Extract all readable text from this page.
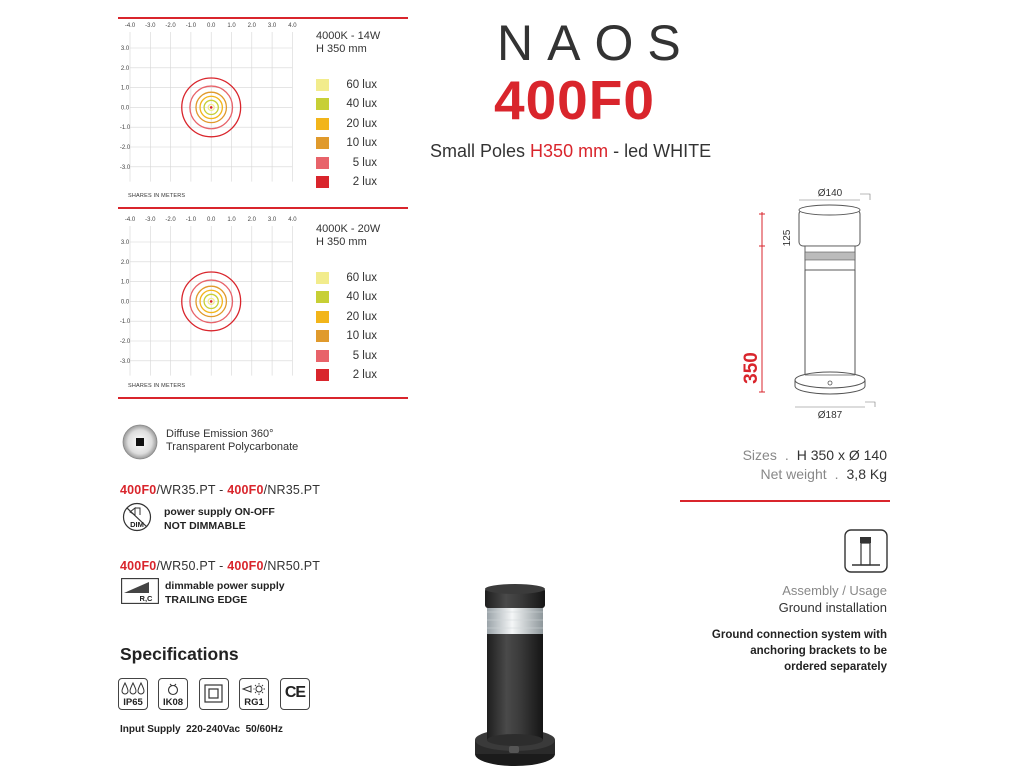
-4.0 -3.0 -2.0 -1.0 0.0 1.0 2.0 3.0 4.0
3.0
2.0
1.0
0.0
-1.0
-2.0
-3.0
SHARES IN METERS
4000K - 14W
H 350 mm
60 lux
40 lux
20 lux
10 lux
5 lux
2 lux
-4.0 -3.0 -2.0 -1.0 0.0 1.0 2.0 3.0 4.0
3.0
2.0
1.0
0.0
-1.0
-2.0
-3.0
SHARES IN METERS
4000K - 20W
H 350 mm
60 lux
40 lux
20 lux
10 lux
5 lux
2 lux
NAOS
400F0
Small Poles H350 mm - led WHITE
Diffuse Emission 360°
Transparent Polycarbonate
400F0/WR35.PT - 400F0/NR35.PT
DIM
power supply ON-OFF
NOT DIMMABLE
400F0/WR50.PT - 400F0/NR50.PT
R,C
dimmable power supply
TRAILING EDGE
Specifications
IP65	IK08	RG1
CE
Input Supply  220-240Vac  50/60Hz
Ø140
125
350
Ø187
Sizes . H 350 x Ø 140
Net weight . 3,8 Kg
Assembly / Usage
Ground installation
Ground connection system with
anchoring brackets to be
ordered separately
